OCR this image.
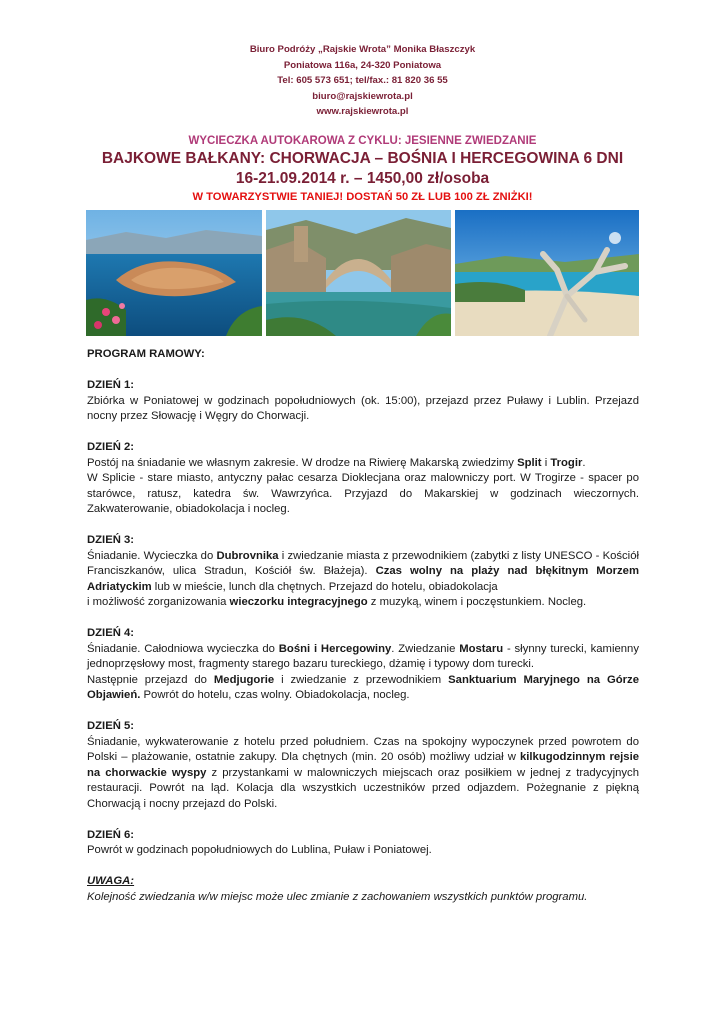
Biuro Podróży „Rajskie Wrota” Monika Błaszczyk
Poniatowa 116a, 24-320 Poniatowa
Tel: 605 573 651; tel/fax.: 81 820 36 55
biuro@rajskiewrota.pl
www.rajskiewrota.pl
WYCIECZKA AUTOKAROWA Z CYKLU: JESIENNE ZWIEDZANIE
BAJKOWE BAŁKANY: CHORWACJA – BOŚNIA I HERCEGOWINA 6 DNI
16-21.09.2014 r. – 1450,00 zł/osoba
W TOWARZYSTWIE TANIEJ! DOSTAŃ 50 ZŁ LUB 100 ZŁ ZNIŻKI!

PROGRAM RAMOWY:

DZIEŃ 1:

Zbiórka w Poniatowej w godzinach popołudniowych (ok. 15:00), przejazd przez Puławy i Lublin. Przejazd nocny przez Słowację i Węgry do Chorwacji.

DZIEŃ 2:

Postój na śniadanie we własnym zakresie. W drodze na Riwierę Makarską zwiedzimy Split i Trogir.

W Splicie - stare miasto, antyczny pałac cesarza Dioklecjana oraz malowniczy port. W Trogirze - spacer po starówce, ratusz, katedra św. Wawrzyńca. Przyjazd do Makarskiej w godzinach wieczornych. Zakwaterowanie, obiadokolacja i nocleg.

DZIEŃ 3:

Śniadanie. Wycieczka do Dubrovnika i zwiedzanie miasta z przewodnikiem (zabytki z listy UNESCO - Kościół Franciszkanów, ulica Stradun, Kościół św. Błażeja). Czas wolny na plaży nad błękitnym Morzem Adriatyckim lub w mieście, lunch dla chętnych. Przejazd do hotelu, obiadokolacja

i możliwość zorganizowania wieczorku integracyjnego z muzyką, winem i poczęstunkiem. Nocleg.

DZIEŃ 4:

Śniadanie. Całodniowa wycieczka do Bośni i Hercegowiny. Zwiedzanie Mostaru - słynny turecki, kamienny jednoprzęsłowy most, fragmenty starego bazaru tureckiego, dżamię i typowy dom turecki.

Następnie przejazd do Medjugorie i zwiedzanie z przewodnikiem Sanktuarium Maryjnego na Górze Objawień. Powrót do hotelu, czas wolny. Obiadokolacja, nocleg.

DZIEŃ 5:

Śniadanie, wykwaterowanie z hotelu przed południem. Czas na spokojny wypoczynek przed powrotem do Polski – plażowanie, ostatnie zakupy. Dla chętnych (min. 20 osób) możliwy udział w kilkugodzinnym rejsie na chorwackie wyspy z przystankami w malowniczych miejscach oraz posiłkiem w jednej z tradycyjnych restauracji. Powrót na ląd. Kolacja dla wszystkich uczestników przed odjazdem. Pożegnanie z piękną Chorwacją i nocny przejazd do Polski.

DZIEŃ 6:

Powrót w godzinach popołudniowych do Lublina, Puław i Poniatowej.

UWAGA:

Kolejność zwiedzania w/w miejsc może ulec zmianie z zachowaniem wszystkich punktów programu.
